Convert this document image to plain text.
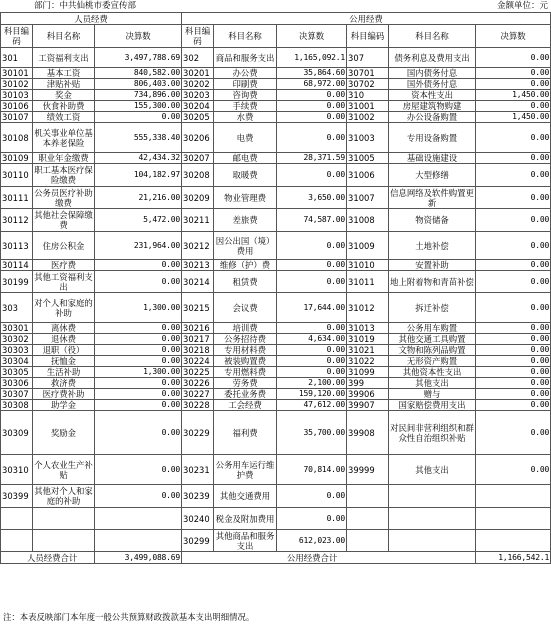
部门：中共仙桃市委宣传部	金额单位：元
人员经费			公用经费					
科目编码	科目名称	决算数	科目编码	科目名称	决算数	科目编码	科目名称	决算数
301	工资福利支出	3,497,788.69	302	商品和服务支出	1,165,092.1	307	债务利息及费用支出	0.00
30101	基本工资	840,582.00	30201	办公费	35,864.60	30701	国内债务付息	0.00
30102	津贴补贴	806,403.00	30202	印刷费	68,972.00	30702	国外债务付息	0.00
30103	奖金	734,896.00	30203	咨询费	0.00	310	资本性支出	1,450.00
30106	伙食补助费	155,300.00	30204	手续费	0.00	31001	房屋建筑物购建	0.00
30107	绩效工资	0.00	30205	水费	0.00	31002	办公设备购置	1,450.00
30108	机关事业单位基本养老保险	555,338.40	30206	电费	0.00	31003	专用设备购置	0.00
30109	职业年金缴费	42,434.32	30207	邮电费	28,371.59	31005	基础设施建设	0.00
30110	职工基本医疗保险缴费	104,182.97	30208	取暖费	0.00	31006	大型修缮	0.00
30111	公务员医疗补助缴费	21,216.00	30209	物业管理费	3,650.00	31007	信息网络及软件购置更新	0.00
30112	其他社会保障缴费	5,472.00	30211	差旅费	74,587.00	31008	物资储备	0.00
30113	住房公积金	231,964.00	30212	因公出国（境）费用	0.00	31009	土地补偿	0.00
30114	医疗费	0.00	30213	维修（护）费	0.00	31010	安置补助	0.00
30199	其他工资福利支出	0.00	30214	租赁费	0.00	31011	地上附着物和青苗补偿	0.00
303	对个人和家庭的补助	1,300.00	30215	会议费	17,644.00	31012	拆迁补偿	0.00
30301	离休费	0.00	30216	培训费	0.00	31013	公务用车购置	0.00
30302	退休费	0.00	30217	公务招待费	4,634.00	31019	其他交通工具购置	0.00
30303	退职（役）	0.00	30218	专用材料费	0.00	31021	文物和陈列品购置	0.00
30304	抚恤金	0.00	30224	被装购置费	0.00	31022	无形资产购置	0.00
30305	生活补助	1,300.00	30225	专用燃料费	0.00	31099	其他资本性支出	0.00
30306	救济费	0.00	30226	劳务费	2,100.00	399	其他支出	0.00
30307	医疗费补助	0.00	30227	委托业务费	159,120.00	39906	赠与	0.00
30308	助学金	0.00	30228	工会经费	47,612.00	39907	国家赔偿费用支出	0.00
30309	奖励金	0.00	30229	福利费	35,700.00	39908	对民间非营利组织和群众性自治组织补贴	0.00
30310	个人农业生产补贴	0.00	30231	公务用车运行维护费	70,814.00	39999	其他支出	0.00
30399	其他对个人和家庭的补助	0.00	30239	其他交通费用	0.00			
			30240	税金及附加费用	0.00			
			30299	其他商品和服务支出	612,023.00			
人员经费合计		3,499,088.69	公用经费合计					1,166,542.1
注：本表反映部门本年度一般公共预算财政拨款基本支出明细情况。
